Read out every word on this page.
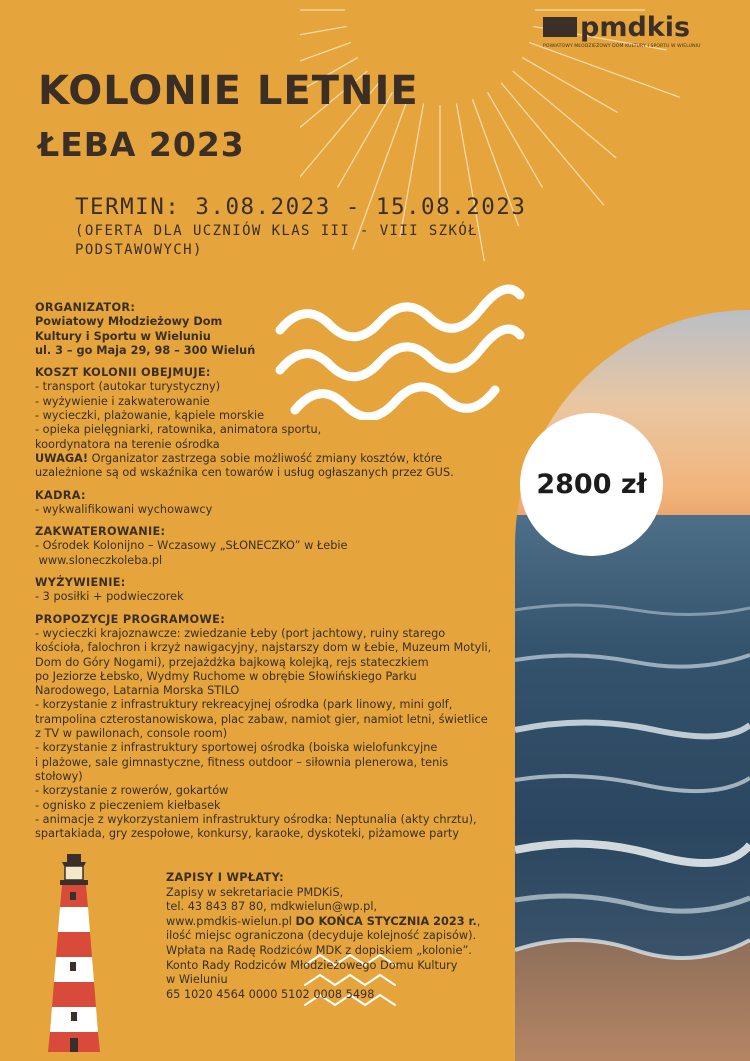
pmdkis
POWIATOWY MŁODZIEŻOWY DOM KULTURY I SPORTU W WIELUNIU
KOLONIE LETNIE
ŁEBA 2023
TERMIN: 3.08.2023 - 15.08.2023
(OFERTA DLA UCZNIÓW KLAS III - VIII SZKÓŁ PODSTAWOWYCH)
2800 zł
ORGANIZATOR:
Powiatowy Młodzieżowy Dom
Kultury i Sportu w Wieluniu
ul. 3 – go Maja 29, 98 – 300 Wieluń
KOSZT KOLONII OBEJMUJE:
- transport (autokar turystyczny)
- wyżywienie i zakwaterowanie
- wycieczki, plażowanie, kąpiele morskie
- opieka pielęgniarki, ratownika, animatora sportu,
koordynatora na terenie ośrodka
UWAGA! Organizator zastrzega sobie możliwość zmiany kosztów, które uzależnione są od wskaźnika cen towarów i usług ogłaszanych przez GUS.
KADRA:
- wykwalifikowani wychowawcy
ZAKWATEROWANIE:
- Ośrodek Kolonijno – Wczasowy „SŁONECZKO” w Łebie
www.sloneczkoleba.pl
WYŻYWIENIE:
- 3 posiłki + podwieczorek
PROPOZYCJE PROGRAMOWE:
- wycieczki krajoznawcze: zwiedzanie Łeby (port jachtowy, ruiny starego
kościoła, falochron i krzyż nawigacyjny, najstarszy dom w Łebie, Muzeum Motyli,
Dom do Góry Nogami), przejażdżka bajkową kolejką, rejs stateczkiem
po Jeziorze Łebsko, Wydmy Ruchome w obrębie Słowińskiego Parku
Narodowego, Latarnia Morska STILO
- korzystanie z infrastruktury rekreacyjnej ośrodka (park linowy, mini golf,
trampolina czterostanowiskowa, plac zabaw, namiot gier, namiot letni, świetlice
z TV w pawilonach, console room)
- korzystanie z infrastruktury sportowej ośrodka (boiska wielofunkcyjne
i plażowe, sale gimnastyczne, fitness outdoor – siłownia plenerowa, tenis
stołowy)
- korzystanie z rowerów, gokartów
- ognisko z pieczeniem kiełbasek
- animacje z wykorzystaniem infrastruktury ośrodka: Neptunalia (akty chrztu),
spartakiada, gry zespołowe, konkursy, karaoke, dyskoteki, piżamowe party
ZAPISY I WPŁATY:
Zapisy w sekretariacie PMDKiS,
tel. 43 843 87 80, mdkwielun@wp.pl,
www.pmdkis-wielun.pl DO KOŃCA STYCZNIA 2023 r.,
ilość miejsc ograniczona (decyduje kolejność zapisów).
Wpłata na Radę Rodziców MDK z dopiskiem „kolonie”.
Konto Rady Rodziców Młodzieżowego Domu Kultury
w Wieluniu
65 1020 4564 0000 5102 0008 5498
